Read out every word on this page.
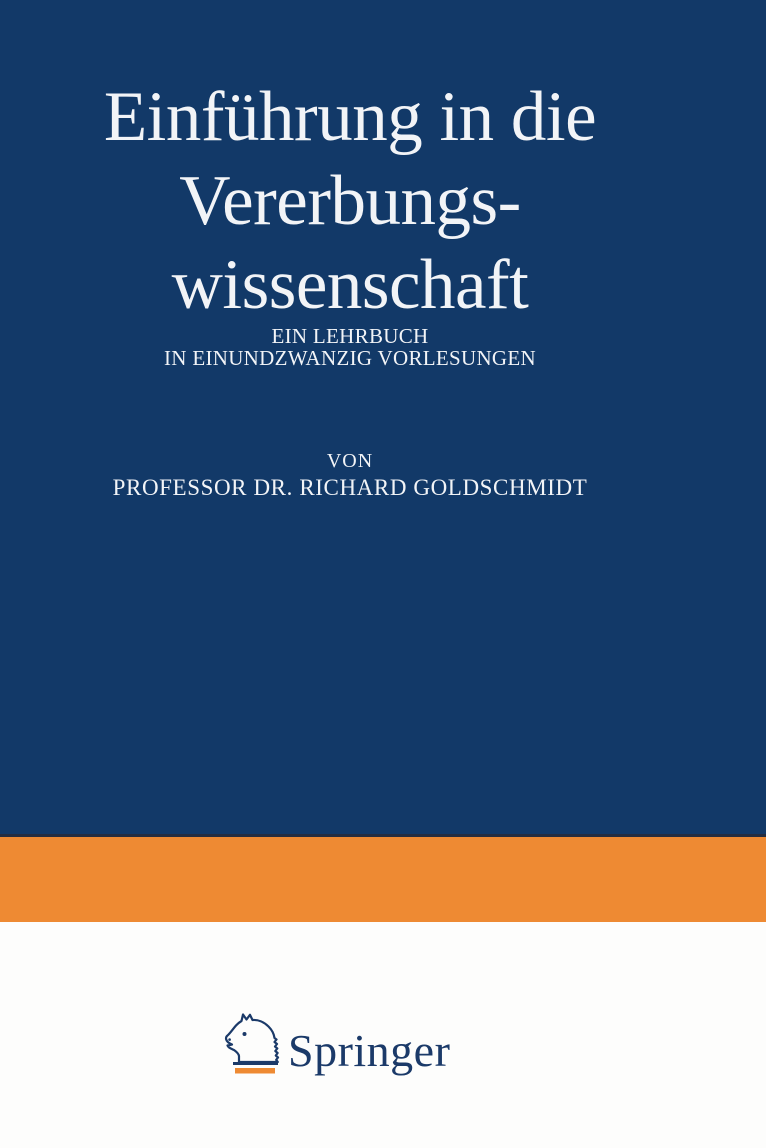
Einführung in die
Vererbungs-
wissenschaft
EIN LEHRBUCH
IN EINUNDZWANZIG VORLESUNGEN
VON
PROFESSOR DR. RICHARD GOLDSCHMIDT
Springer
